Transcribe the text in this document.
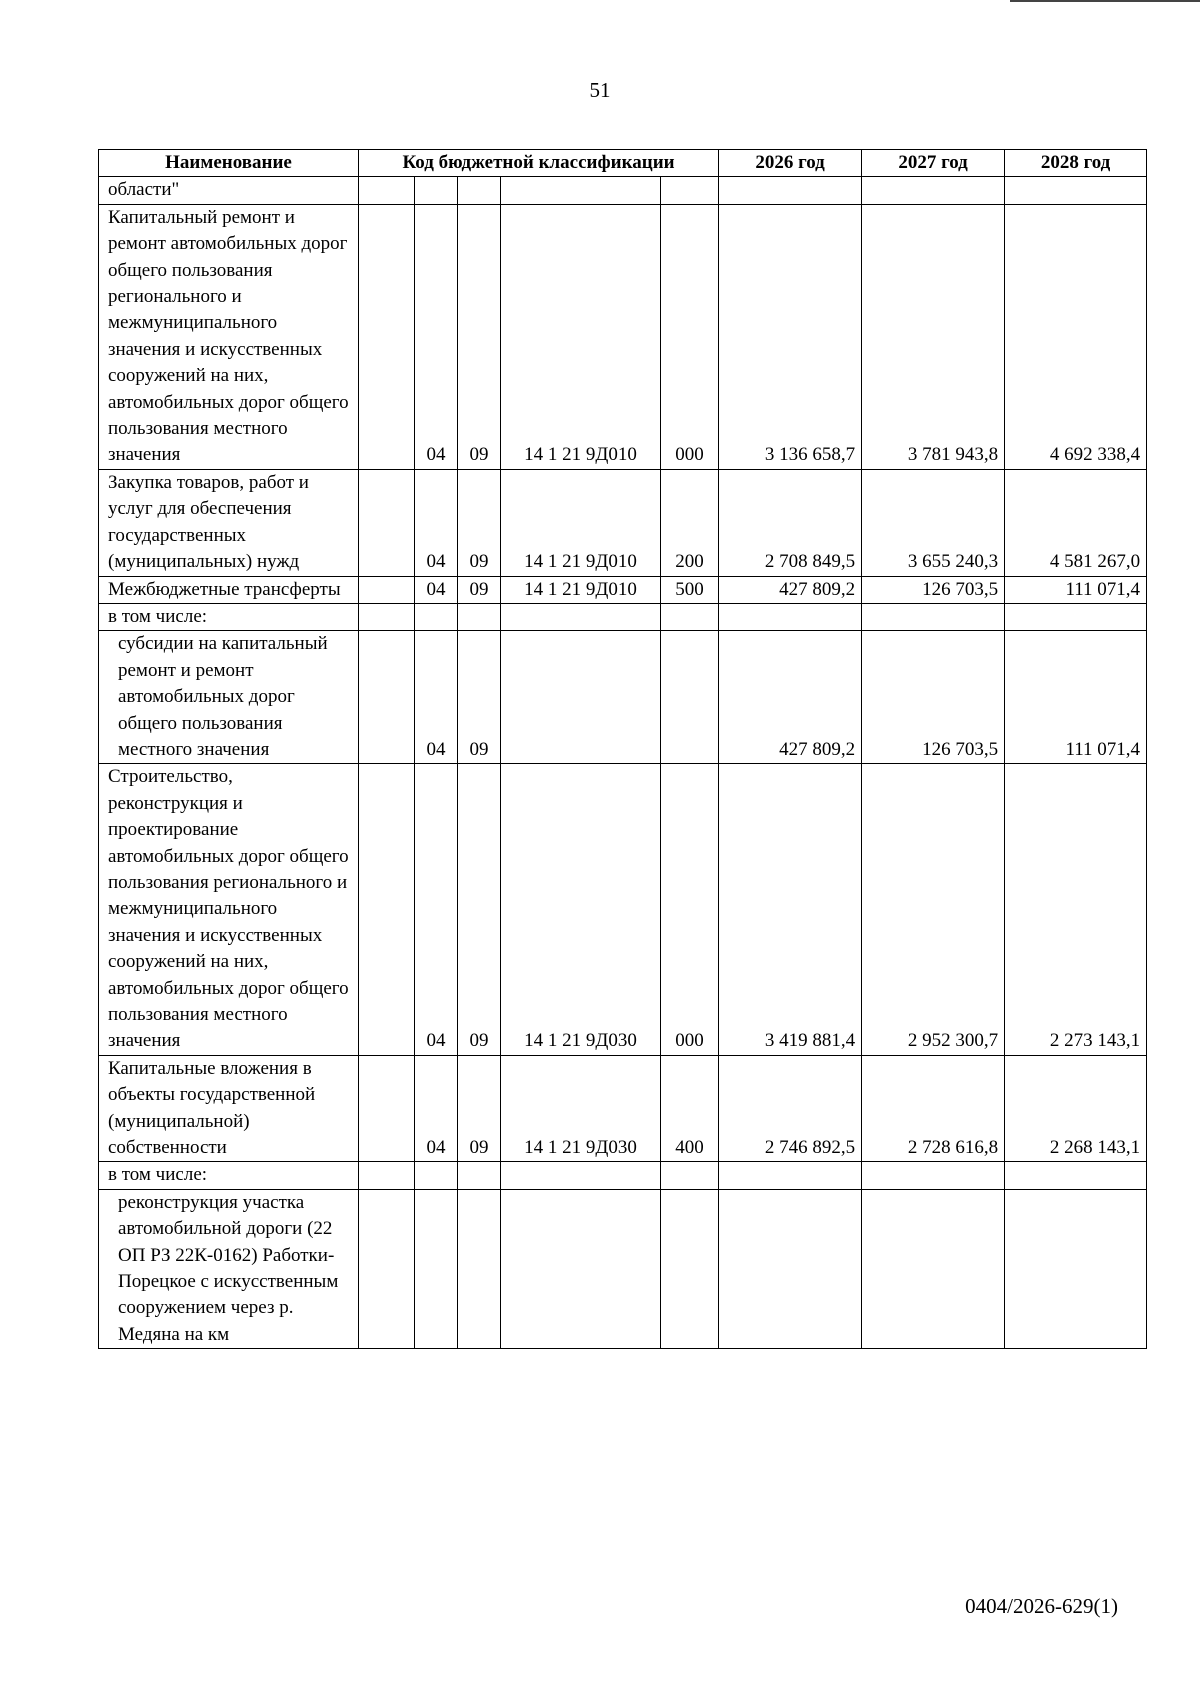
51
Наименование	Код бюджетной классификации					2026 год	2027 год	2028 год
области"								
Капитальный ремонт и ремонт автомобильных дорог общего пользования регионального и межмуниципального значения и искусственных сооружений на них, автомобильных дорог общего пользования местного значения		04	09	14 1 21 9Д010	000	3 136 658,7	3 781 943,8	4 692 338,4
Закупка товаров, работ и услуг для обеспечения государственных (муниципальных) нужд		04	09	14 1 21 9Д010	200	2 708 849,5	3 655 240,3	4 581 267,0
Межбюджетные трансферты		04	09	14 1 21 9Д010	500	427 809,2	126 703,5	111 071,4
в том числе:								
субсидии на капитальный ремонт и ремонт автомобильных дорог общего пользования местного значения		04	09			427 809,2	126 703,5	111 071,4
Строительство, реконструкция и проектирование автомобильных дорог общего пользования регионального и межмуниципального значения и искусственных сооружений на них, автомобильных дорог общего пользования местного значения		04	09	14 1 21 9Д030	000	3 419 881,4	2 952 300,7	2 273 143,1
Капитальные вложения в объекты государственной (муниципальной) собственности		04	09	14 1 21 9Д030	400	2 746 892,5	2 728 616,8	2 268 143,1
в том числе:								
реконструкция участка автомобильной дороги (22 ОП РЗ 22К-0162) Работки-Порецкое с искусственным сооружением через р. Медяна на км								
0404/2026-629(1)
